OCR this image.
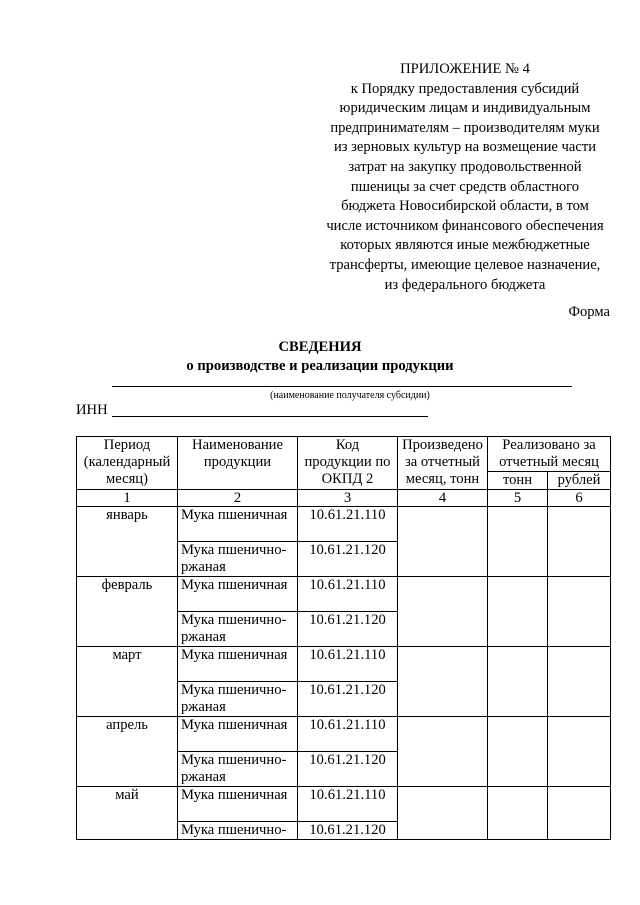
ПРИЛОЖЕНИЕ № 4
к Порядку предоставления субсидий
юридическим лицам и индивидуальным
предпринимателям – производителям муки
из зерновых культур на возмещение части
затрат на закупку продовольственной
пшеницы за счет средств областного
бюджета Новосибирской области, в том
числе источником финансового обеспечения
которых являются иные межбюджетные
трансферты, имеющие целевое назначение,
из федерального бюджета
Форма
СВЕДЕНИЯ
о производстве и реализации продукции
(наименование получателя субсидии)
ИНН
Период (календарный месяц)	Наименование продукции	Код продукции по ОКПД 2	Произведено за отчетный месяц, тонн	Реализовано за отчетный месяц	
				тонн	рублей
1	2	3	4	5	6
январь	Мука пшеничная	10.61.21.110			
	Мука пшенично-ржаная	10.61.21.120			
февраль	Мука пшеничная	10.61.21.110			
	Мука пшенично-ржаная	10.61.21.120			
март	Мука пшеничная	10.61.21.110			
	Мука пшенично-ржаная	10.61.21.120			
апрель	Мука пшеничная	10.61.21.110			
	Мука пшенично-ржаная	10.61.21.120			
май	Мука пшеничная	10.61.21.110			
	Мука пшенично-	10.61.21.120			
